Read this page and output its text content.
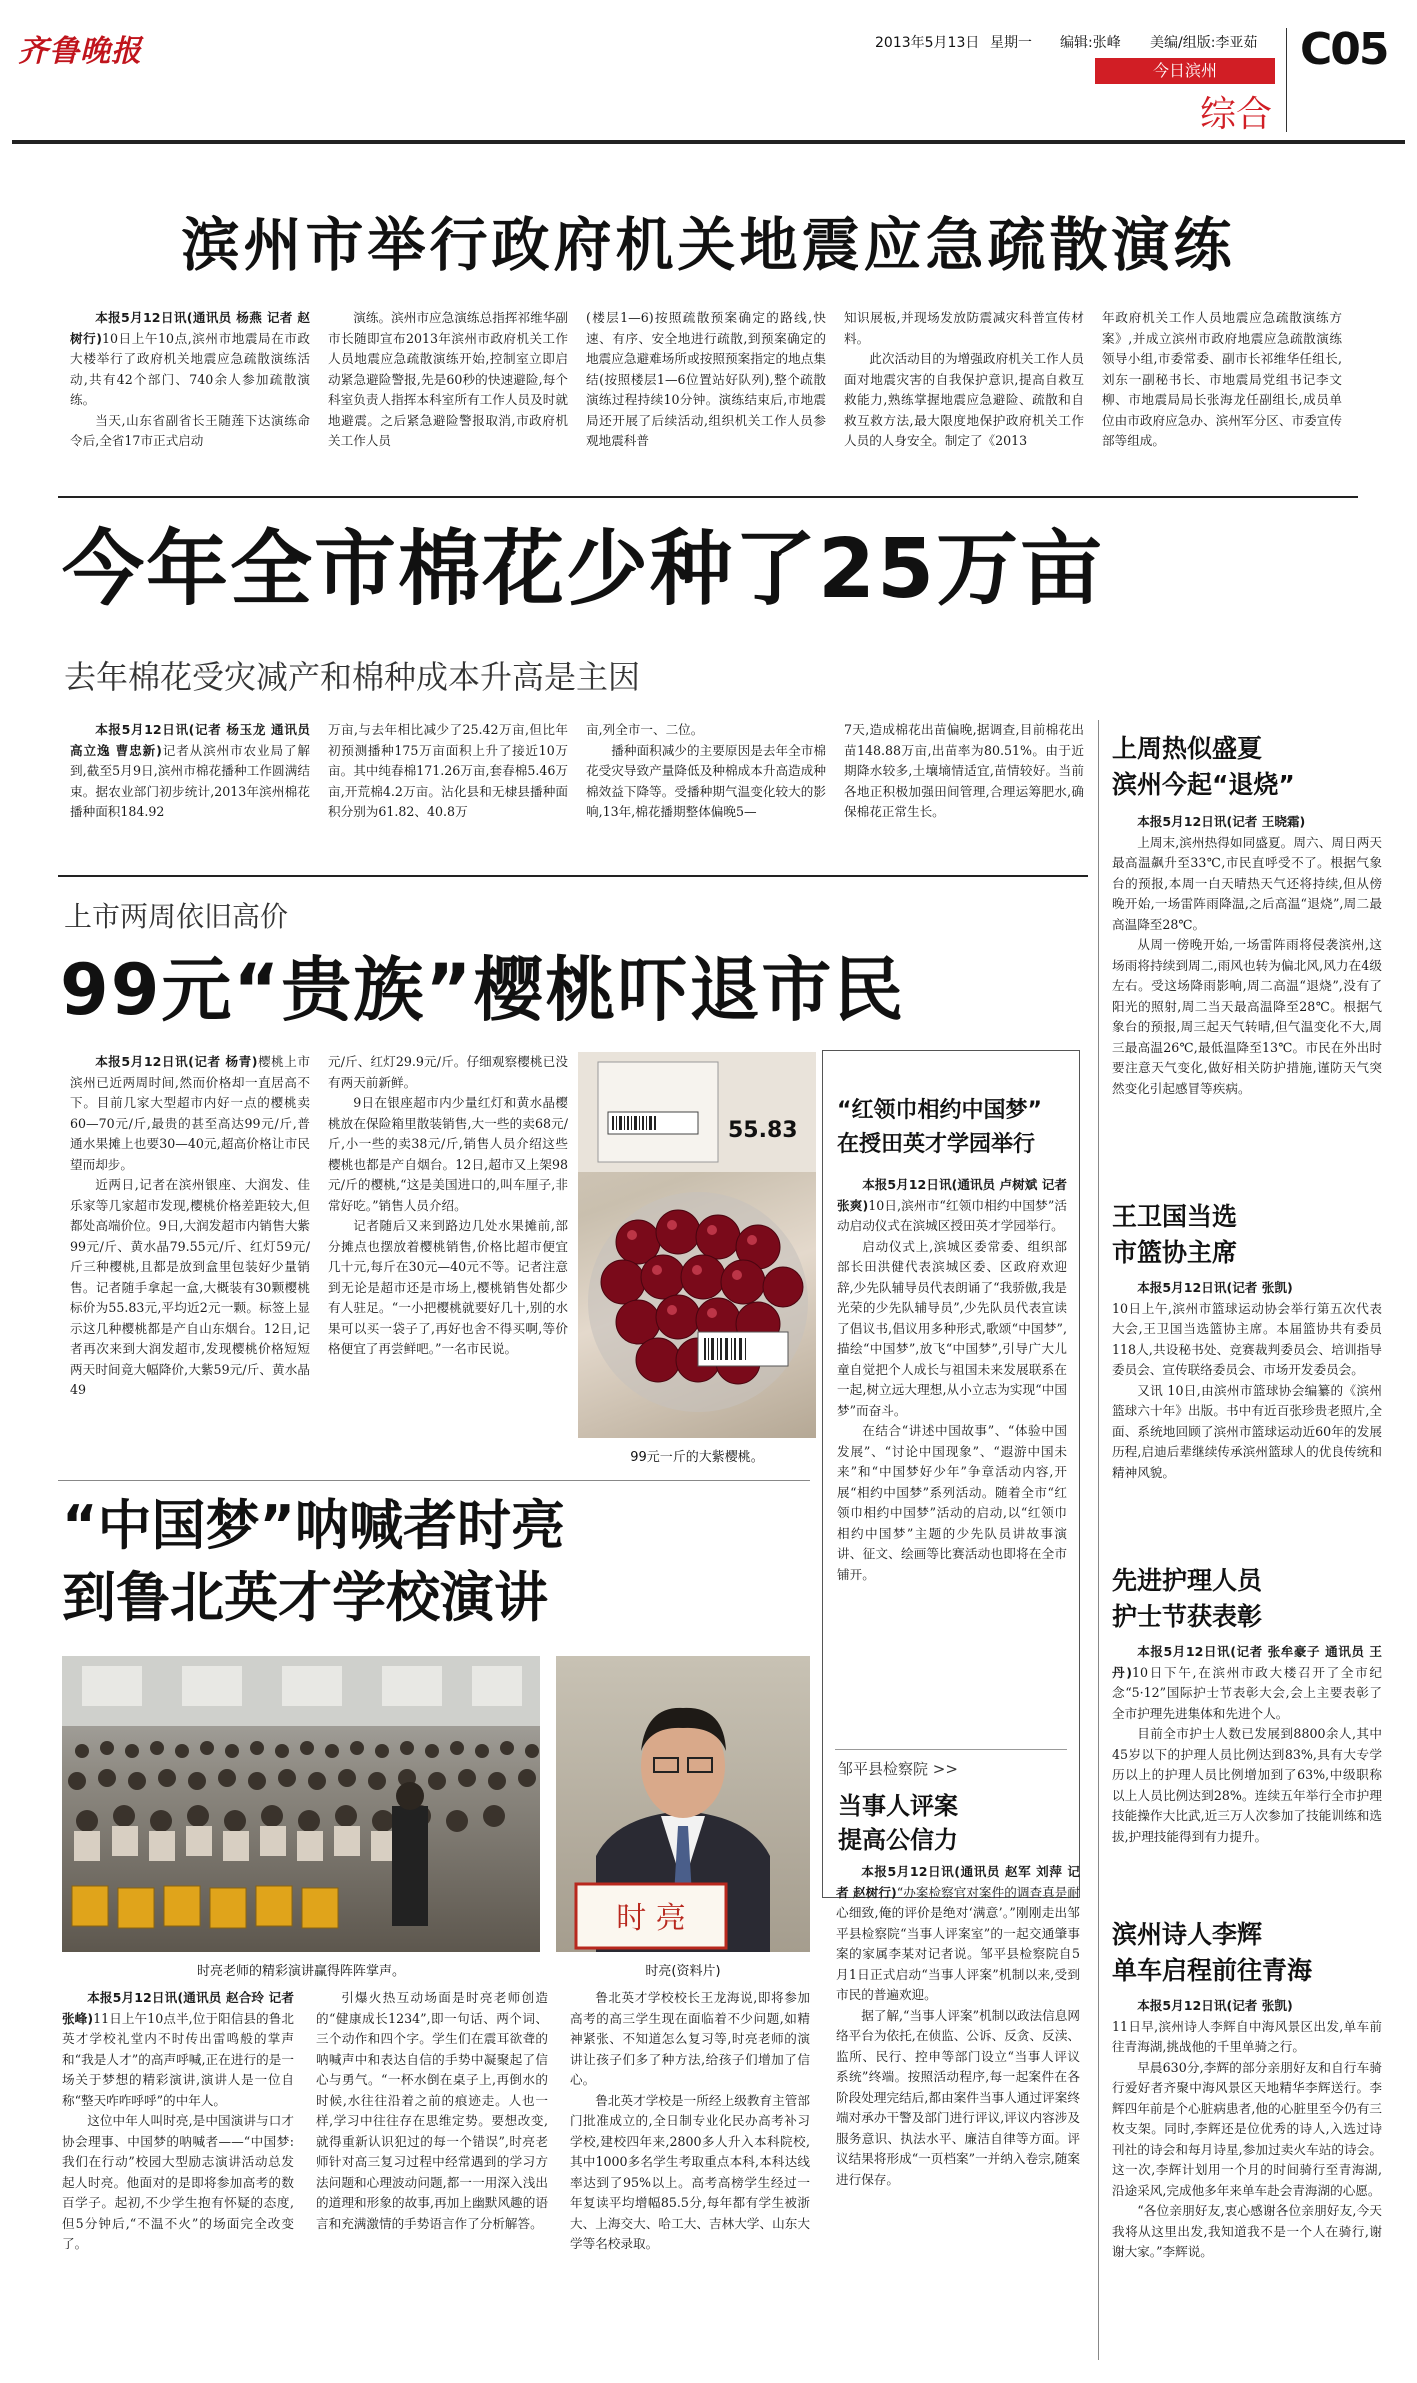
齐鲁晚报	2013年5月13日 星期一 编辑:张峰 美编/组版:李亚茹
今日滨州
综合
C05
滨州市举行政府机关地震应急疏散演练

本报5月12日讯(通讯员 杨燕 记者 赵树行)10日上午10点,滨州市地震局在市政大楼举行了政府机关地震应急疏散演练活动,共有42个部门、740余人参加疏散演练。

当天,山东省副省长王随莲下达演练命令后,全省17市正式启动

演练。滨州市应急演练总指挥祁维华副市长随即宣布2013年滨州市政府机关工作人员地震应急疏散演练开始,控制室立即启动紧急避险警报,先是60秒的快速避险,每个科室负责人指挥本科室所有工作人员及时就地避震。之后紧急避险警报取消,市政府机关工作人员

(楼层1—6)按照疏散预案确定的路线,快速、有序、安全地进行疏散,到预案确定的地震应急避难场所或按照预案指定的地点集结(按照楼层1—6位置站好队列),整个疏散演练过程持续10分钟。演练结束后,市地震局还开展了后续活动,组织机关工作人员参观地震科普

知识展板,并现场发放防震减灾科普宣传材料。

此次活动目的为增强政府机关工作人员面对地震灾害的自我保护意识,提高自救互救能力,熟练掌握地震应急避险、疏散和自救互救方法,最大限度地保护政府机关工作人员的人身安全。制定了《2013

年政府机关工作人员地震应急疏散演练方案》,并成立滨州市政府地震应急疏散演练领导小组,市委常委、副市长祁维华任组长,刘东一副秘书长、市地震局党组书记李文柳、市地震局局长张海龙任副组长,成员单位由市政府应急办、滨州军分区、市委宣传部等组成。

今年全市棉花少种了25万亩
去年棉花受灾减产和棉种成本升高是主因

本报5月12日讯(记者 杨玉龙 通讯员 高立逸 曹忠新)记者从滨州市农业局了解到,截至5月9日,滨州市棉花播种工作圆满结束。据农业部门初步统计,2013年滨州棉花播种面积184.92

万亩,与去年相比减少了25.42万亩,但比年初预测播种175万亩面积上升了接近10万亩。其中纯春棉171.26万亩,套春棉5.46万亩,开荒棉4.2万亩。沾化县和无棣县播种面积分别为61.82、40.8万

亩,列全市一、二位。

播种面积减少的主要原因是去年全市棉花受灾导致产量降低及种棉成本升高造成种棉效益下降等。受播种期气温变化较大的影响,13年,棉花播期整体偏晚5—

7天,造成棉花出苗偏晚,据调查,目前棉花出苗148.88万亩,出苗率为80.51%。由于近期降水较多,土壤墒情适宜,苗情较好。当前各地正积极加强田间管理,合理运筹肥水,确保棉花正常生长。

上市两周依旧高价
99元“贵族”樱桃吓退市民

本报5月12日讯(记者 杨青)樱桃上市滨州已近两周时间,然而价格却一直居高不下。目前几家大型超市内好一点的樱桃卖60—70元/斤,最贵的甚至高达99元/斤,普通水果摊上也要30—40元,超高价格让市民望而却步。

近两日,记者在滨州银座、大润发、佳乐家等几家超市发现,樱桃价格差距较大,但都处高端价位。9日,大润发超市内销售大紫99元/斤、黄水晶79.55元/斤、红灯59元/斤三种樱桃,且都是放到盒里包装好少量销售。记者随手拿起一盒,大概装有30颗樱桃标价为55.83元,平均近2元一颗。标签上显示这几种樱桃都是产自山东烟台。12日,记者再次来到大润发超市,发现樱桃价格短短两天时间竟大幅降价,大紫59元/斤、黄水晶49

元/斤、红灯29.9元/斤。仔细观察樱桃已没有两天前新鲜。

9日在银座超市内少量红灯和黄水晶樱桃放在保险箱里散装销售,大一些的卖68元/斤,小一些的卖38元/斤,销售人员介绍这些樱桃也都是产自烟台。12日,超市又上架98元/斤的樱桃,“这是美国进口的,叫车厘子,非常好吃。”销售人员介绍。

记者随后又来到路边几处水果摊前,部分摊点也摆放着樱桃销售,价格比超市便宜几十元,每斤在30元—40元不等。记者注意到无论是超市还是市场上,樱桃销售处都少有人驻足。“一小把樱桃就要好几十,别的水果可以买一袋子了,再好也舍不得买啊,等价格便宜了再尝鲜吧。”一名市民说。

55.83
99元一斤的大紫樱桃。
“红领巾相约中国梦”
在授田英才学园举行

本报5月12日讯(通讯员 卢树斌 记者 张爽)10日,滨州市“红领巾相约中国梦”活动启动仪式在滨城区授田英才学园举行。

启动仪式上,滨城区委常委、组织部部长田洪健代表滨城区委、区政府欢迎辞,少先队辅导员代表朗诵了“我骄傲,我是光荣的少先队辅导员”,少先队员代表宣读了倡议书,倡议用多种形式,歌颂“中国梦”,描绘“中国梦”,放飞“中国梦”,引导广大儿童自觉把个人成长与祖国未来发展联系在一起,树立远大理想,从小立志为实现“中国梦”而奋斗。

在结合“讲述中国故事”、“体验中国发展”、“讨论中国现象”、“遐游中国未来”和“中国梦好少年”争章活动内容,开展“相约中国梦”系列活动。随着全市“红领巾相约中国梦”活动的启动,以“红领巾相约中国梦”主题的少先队员讲故事演讲、征文、绘画等比赛活动也即将在全市铺开。

邹平县检察院 >>
当事人评案
提高公信力

本报5月12日讯(通讯员 赵军 刘萍 记者 赵树行)“办案检察官对案件的调查真是耐心细致,俺的评价是绝对‘满意’。”刚刚走出邹平县检察院“当事人评案室”的一起交通肇事案的家属李某对记者说。邹平县检察院自5月1日正式启动“当事人评案”机制以来,受到市民的普遍欢迎。

据了解,“当事人评案”机制以政法信息网络平台为依托,在侦监、公诉、反贪、反渎、监所、民行、控申等部门设立“当事人评议系统”终端。按照活动程序,每一起案件在各阶段处理完结后,都由案件当事人通过评案终端对承办干警及部门进行评议,评议内容涉及服务意识、执法水平、廉洁自律等方面。评议结果将形成“一页档案”一并纳入卷宗,随案进行保存。

“中国梦”呐喊者时亮
到鲁北英才学校演讲
时亮老师的精彩演讲赢得阵阵掌声。
时 亮
时亮(资料片)

本报5月12日讯(通讯员 赵合玲 记者 张峰)11日上午10点半,位于阳信县的鲁北英才学校礼堂内不时传出雷鸣般的掌声和“我是人才”的高声呼喊,正在进行的是一场关于梦想的精彩演讲,演讲人是一位自称“整天咋咋呼呼”的中年人。

这位中年人叫时亮,是中国演讲与口才协会理事、中国梦的呐喊者——“中国梦:我们在行动”校园大型励志演讲活动总发起人时亮。他面对的是即将参加高考的数百学子。起初,不少学生抱有怀疑的态度,但5分钟后,“不温不火”的场面完全改变了。

引爆火热互动场面是时亮老师创造的“健康成长1234”,即一句话、两个词、三个动作和四个字。学生们在震耳欲聋的呐喊声中和表达自信的手势中凝聚起了信心与勇气。“一杯水倒在桌子上,再倒水的时候,水往往沿着之前的痕迹走。人也一样,学习中往往存在思维定势。要想改变,就得重新认识犯过的每一个错误”,时亮老师针对高三复习过程中经常遇到的学习方法问题和心理波动问题,都一一用深入浅出的道理和形象的故事,再加上幽默风趣的语言和充满激情的手势语言作了分析解答。

鲁北英才学校校长王龙海说,即将参加高考的高三学生现在面临着不少问题,如精神紧张、不知道怎么复习等,时亮老师的演讲让孩子们多了种方法,给孩子们增加了信心。

鲁北英才学校是一所经上级教育主管部门批准成立的,全日制专业化民办高考补习学校,建校四年来,2800多人升入本科院校,其中1000多名学生考取重点本科,本科达线率达到了95%以上。高考高榜学生经过一年复读平均增幅85.5分,每年都有学生被浙大、上海交大、哈工大、吉林大学、山东大学等名校录取。

上周热似盛夏
滨州今起“退烧”

本报5月12日讯(记者 王晓霜)

上周末,滨州热得如同盛夏。周六、周日两天最高温飙升至33℃,市民直呼受不了。根据气象台的预报,本周一白天晴热天气还将持续,但从傍晚开始,一场雷阵雨降温,之后高温“退烧”,周二最高温降至28℃。

从周一傍晚开始,一场雷阵雨将侵袭滨州,这场雨将持续到周二,雨风也转为偏北风,风力在4级左右。受这场降雨影响,周二高温“退烧”,没有了阳光的照射,周二当天最高温降至28℃。根据气象台的预报,周三起天气转晴,但气温变化不大,周三最高温26℃,最低温降至13℃。市民在外出时要注意天气变化,做好相关防护措施,谨防天气突然变化引起感冒等疾病。

王卫国当选
市篮协主席

本报5月12日讯(记者 张凯)

10日上午,滨州市篮球运动协会举行第五次代表大会,王卫国当选篮协主席。本届篮协共有委员118人,共设秘书处、竞赛裁判委员会、培训指导委员会、宣传联络委员会、市场开发委员会。

又讯 10日,由滨州市篮球协会编纂的《滨州篮球六十年》出版。书中有近百张珍贵老照片,全面、系统地回顾了滨州市篮球运动近60年的发展历程,启迪后辈继续传承滨州篮球人的优良传统和精神风貌。

先进护理人员
护士节获表彰

本报5月12日讯(记者 张牟豪子 通讯员 王丹)10日下午,在滨州市政大楼召开了全市纪念“5·12”国际护士节表彰大会,会上主要表彰了全市护理先进集体和先进个人。

目前全市护士人数已发展到8800余人,其中45岁以下的护理人员比例达到83%,具有大专学历以上的护理人员比例增加到了63%,中级职称以上人员比例达到28%。连续五年举行全市护理技能操作大比武,近三万人次参加了技能训练和选拔,护理技能得到有力提升。

滨州诗人李辉
单车启程前往青海

本报5月12日讯(记者 张凯)

11日早,滨州诗人李辉自中海风景区出发,单车前往青海湖,挑战他的千里单骑之行。

早晨630分,李辉的部分亲朋好友和自行车骑行爱好者齐聚中海风景区天地精华李辉送行。李辉四年前是个心脏病患者,他的心脏里至今仍有三枚支架。同时,李辉还是位优秀的诗人,入选过诗刊社的诗会和每月诗星,参加过卖火车站的诗会。这一次,李辉计划用一个月的时间骑行至青海湖,沿途采风,完成他多年来单车赴会青海湖的心愿。

“各位亲朋好友,衷心感谢各位亲朋好友,今天我将从这里出发,我知道我不是一个人在骑行,谢谢大家。”李辉说。
